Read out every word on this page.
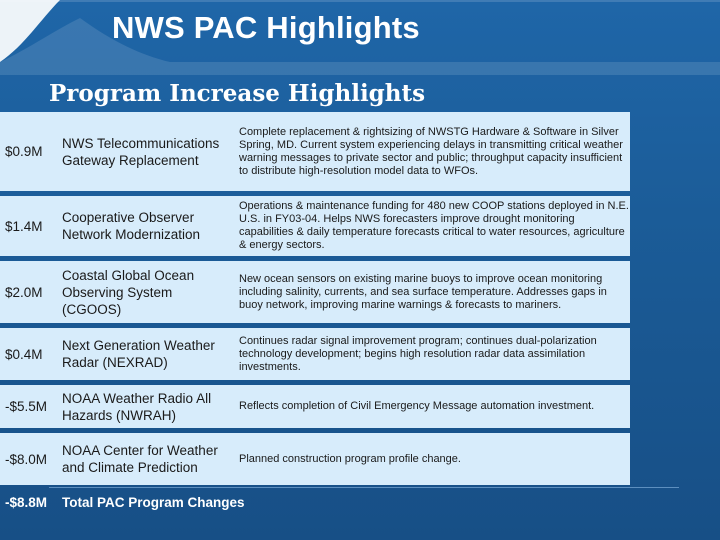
NWS PAC Highlights
Program Increase Highlights
$0.9M
NWS Telecommunications Gateway Replacement
Complete replacement & rightsizing of NWSTG Hardware & Software in Silver Spring, MD. Current system experiencing delays in transmitting critical weather warning messages to private sector and public; throughput capacity insufficient to distribute high-resolution model data to WFOs.
$1.4M
Cooperative Observer Network Modernization
Operations & maintenance funding for 480 new COOP stations deployed in N.E. U.S. in FY03-04. Helps NWS forecasters improve drought monitoring capabilities & daily temperature forecasts critical to water resources, agriculture & energy sectors.
$2.0M
Coastal Global Ocean Observing System (CGOOS)
New ocean sensors on existing marine buoys to improve ocean monitoring including salinity, currents, and sea surface temperature. Addresses gaps in buoy network, improving marine warnings & forecasts to mariners.
$0.4M
Next Generation Weather Radar (NEXRAD)
Continues radar signal improvement program; continues dual-polarization technology development; begins high resolution radar data assimilation investments.
-$5.5M
NOAA Weather Radio All Hazards (NWRAH)
Reflects completion of Civil Emergency Message automation investment.
-$8.0M
NOAA Center for Weather and Climate Prediction
Planned construction program profile change.
-$8.8M	Total PAC Program Changes
